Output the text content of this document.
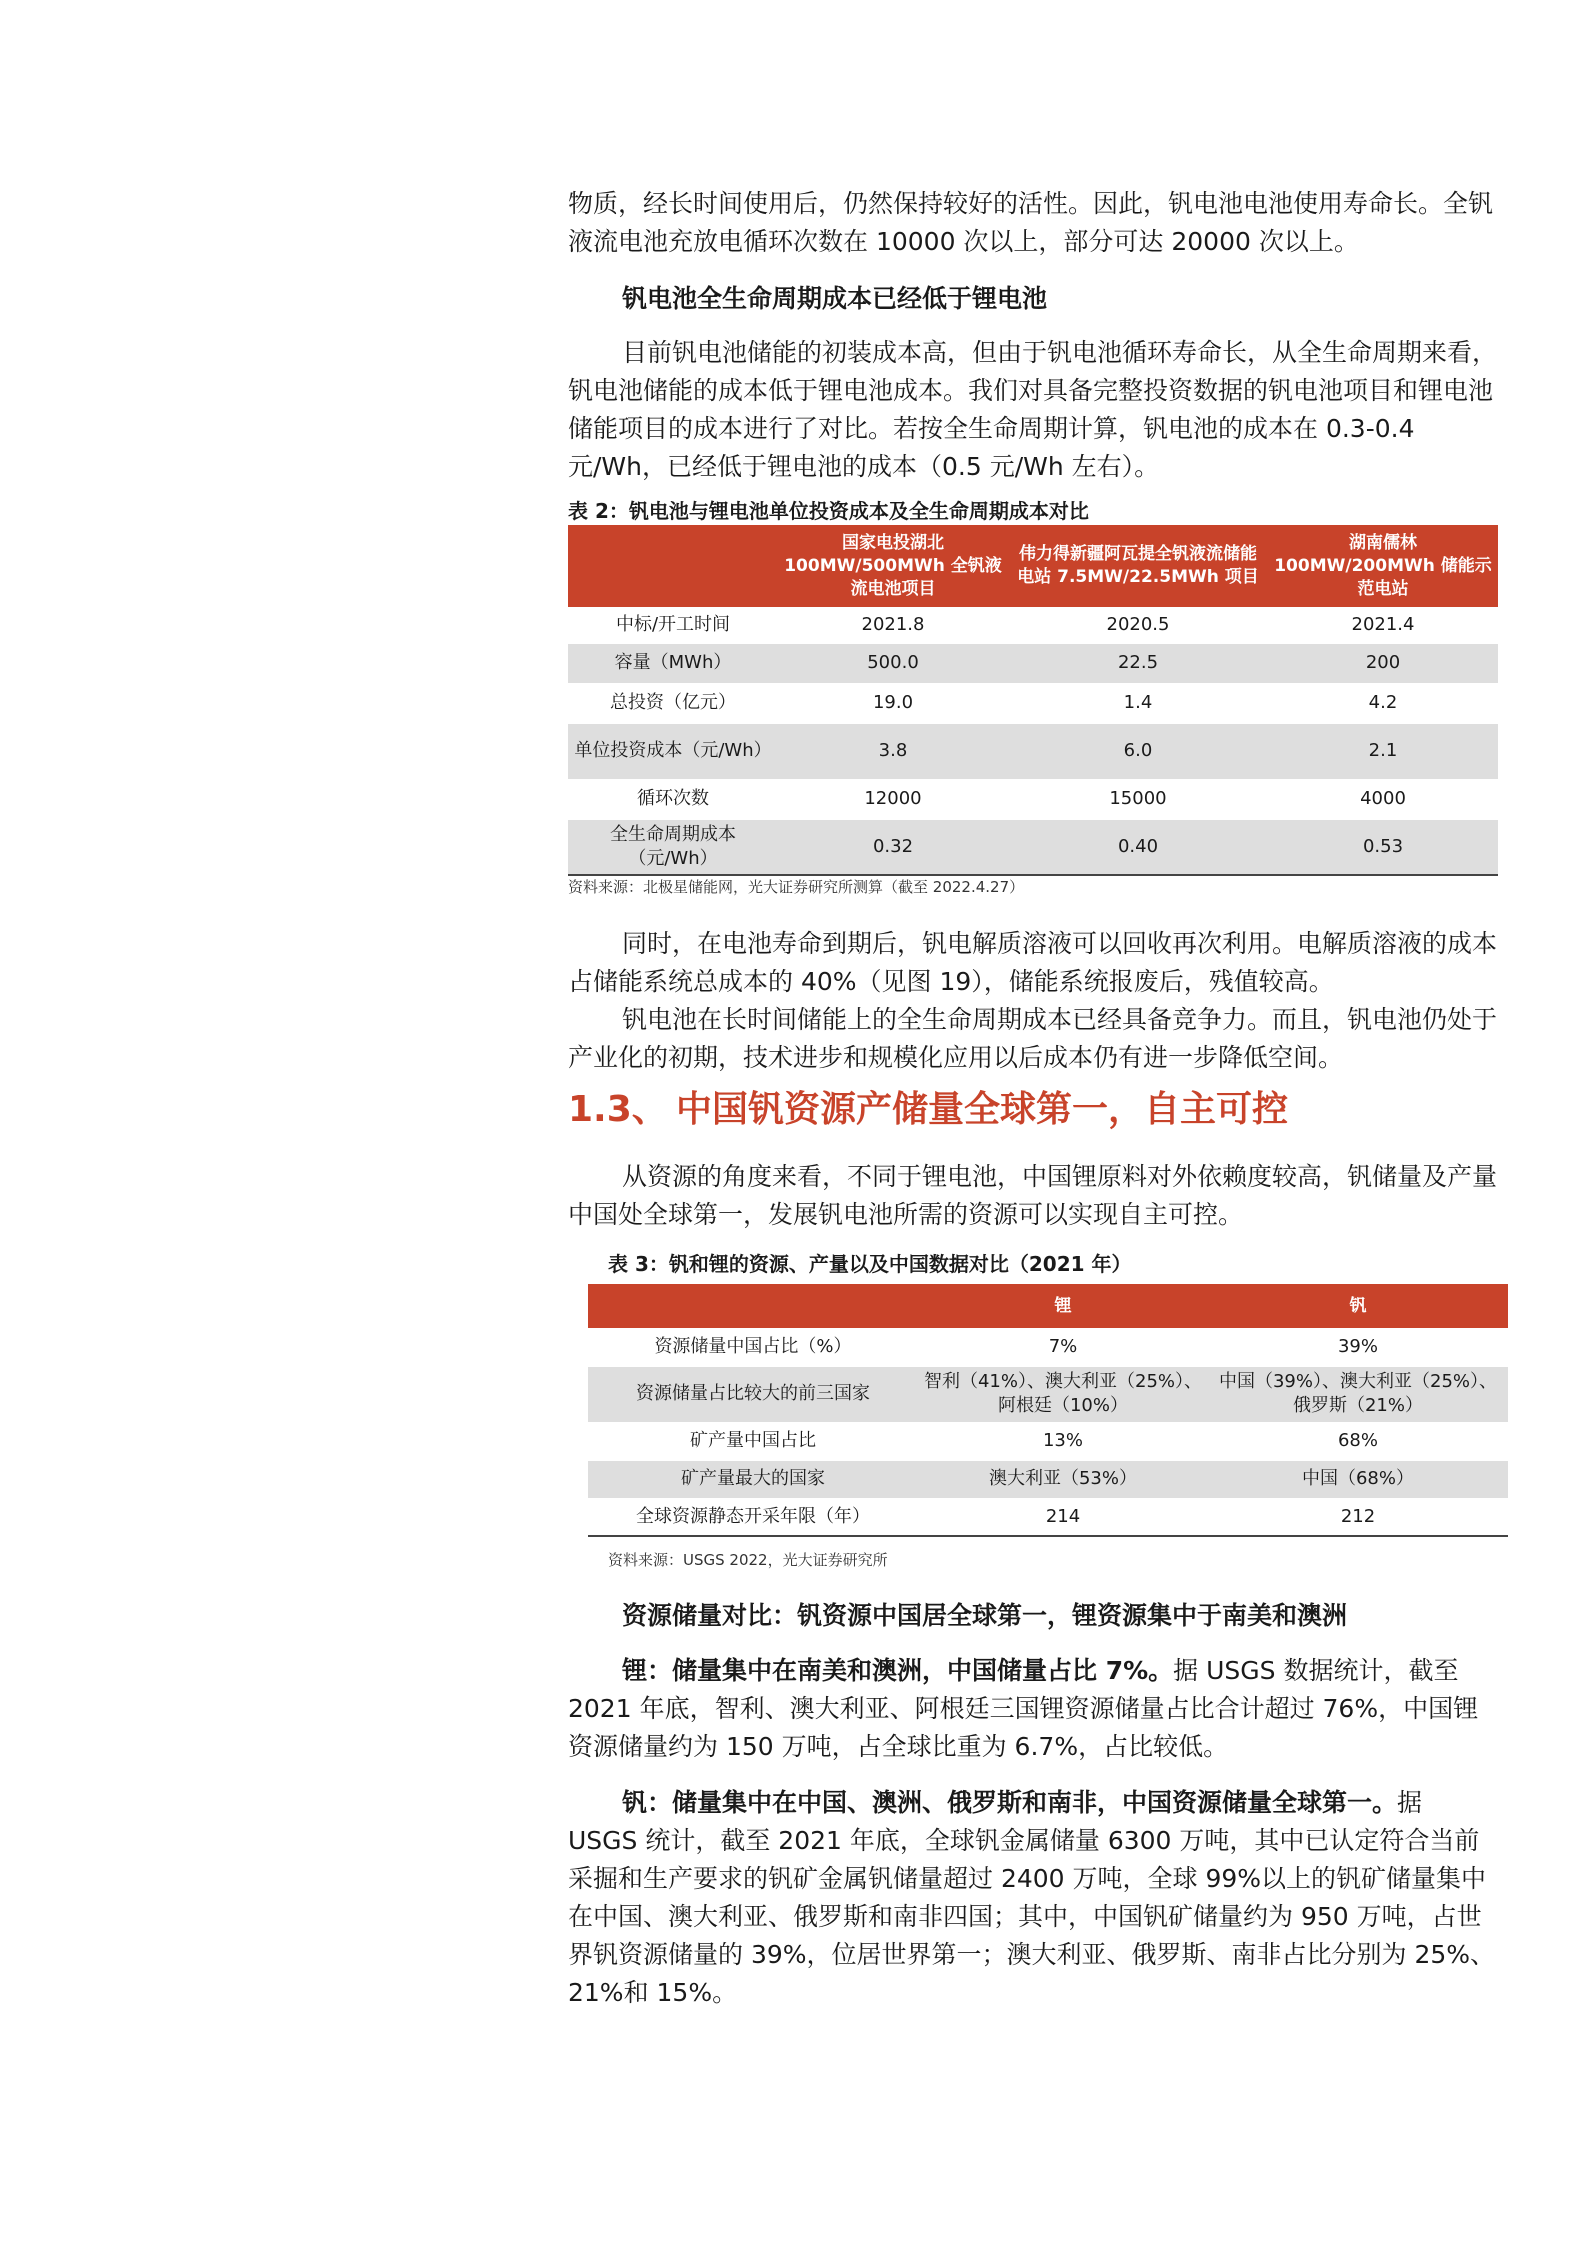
物质，经长时间使用后，仍然保持较好的活性。因此，钒电池电池使用寿命长。全钒液流电池充放电循环次数在 10000 次以上，部分可达 20000 次以上。

钒电池全生命周期成本已经低于锂电池

目前钒电池储能的初装成本高，但由于钒电池循环寿命长，从全生命周期来看，钒电池储能的成本低于锂电池成本。我们对具备完整投资数据的钒电池项目和锂电池储能项目的成本进行了对比。若按全生命周期计算，钒电池的成本在 0.3-0.4 元/Wh，已经低于锂电池的成本（0.5 元/Wh 左右）。

表 2：钒电池与锂电池单位投资成本及全生命周期成本对比
	国家电投湖北 100MW/500MWh 全钒液流电池项目	伟力得新疆阿瓦提全钒液流储能电站 7.5MW/22.5MWh 项目	湖南儒林 100MW/200MWh 储能示范电站
中标/开工时间	2021.8	2020.5	2021.4
容量（MWh）	500.0	22.5	200
总投资（亿元）	19.0	1.4	4.2
单位投资成本（元/Wh）	3.8	6.0	2.1
循环次数	12000	15000	4000
全生命周期成本（元/Wh）	0.32	0.40	0.53
资料来源：北极星储能网，光大证券研究所测算（截至 2022.4.27）

同时，在电池寿命到期后，钒电解质溶液可以回收再次利用。电解质溶液的成本占储能系统总成本的 40%（见图 19），储能系统报废后，残值较高。

钒电池在长时间储能上的全生命周期成本已经具备竞争力。而且，钒电池仍处于产业化的初期，技术进步和规模化应用以后成本仍有进一步降低空间。

1.3、 中国钒资源产储量全球第一，自主可控

从资源的角度来看，不同于锂电池，中国锂原料对外依赖度较高，钒储量及产量中国处全球第一，发展钒电池所需的资源可以实现自主可控。

表 3：钒和锂的资源、产量以及中国数据对比（2021 年）
	锂	钒
资源储量中国占比（%）	7%	39%
资源储量占比较大的前三国家	智利（41%）、澳大利亚（25%）、阿根廷（10%）	中国（39%）、澳大利亚（25%）、俄罗斯（21%）
矿产量中国占比	13%	68%
矿产量最大的国家	澳大利亚（53%）	中国（68%）
全球资源静态开采年限（年）	214	212
资料来源：USGS 2022，光大证券研究所
资源储量对比：钒资源中国居全球第一，锂资源集中于南美和澳洲

锂：储量集中在南美和澳洲，中国储量占比 7%。据 USGS 数据统计，截至 2021 年底，智利、澳大利亚、阿根廷三国锂资源储量占比合计超过 76%，中国锂资源储量约为 150 万吨，占全球比重为 6.7%，占比较低。

钒：储量集中在中国、澳洲、俄罗斯和南非，中国资源储量全球第一。据 USGS 统计，截至 2021 年底，全球钒金属储量 6300 万吨，其中已认定符合当前采掘和生产要求的钒矿金属钒储量超过 2400 万吨，全球 99%以上的钒矿储量集中在中国、澳大利亚、俄罗斯和南非四国；其中，中国钒矿储量约为 950 万吨，占世界钒资源储量的 39%，位居世界第一；澳大利亚、俄罗斯、南非占比分别为 25%、21%和 15%。
